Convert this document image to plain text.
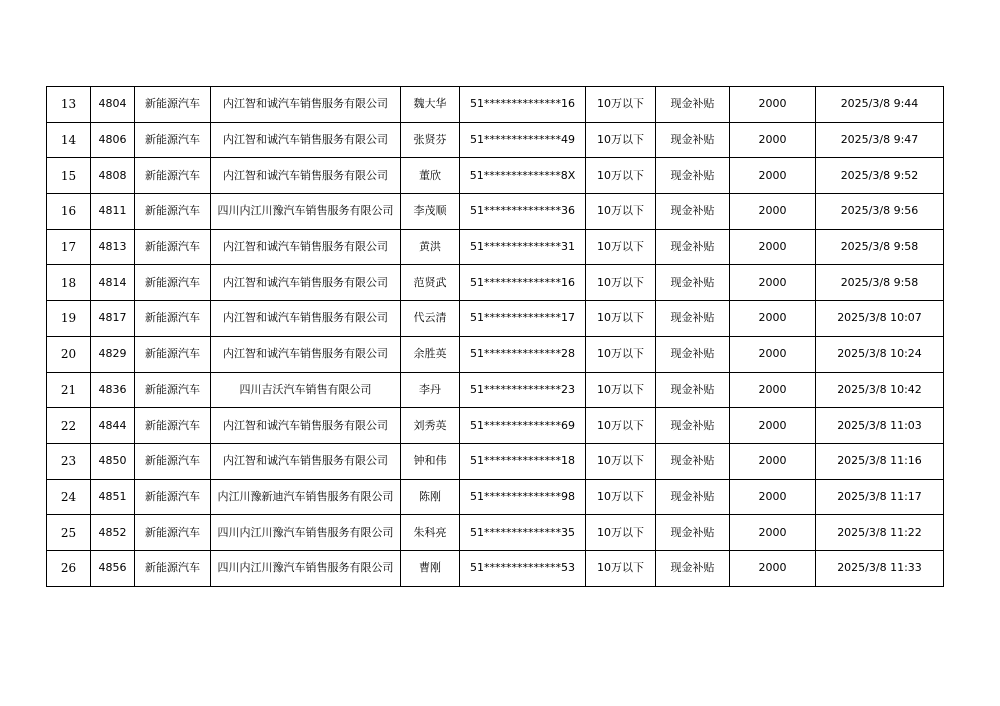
13	4804	新能源汽车	内江智和诚汽车销售服务有限公司	魏大华	51**************16	10万以下	现金补贴	2000	2025/3/8 9:44
14	4806	新能源汽车	内江智和诚汽车销售服务有限公司	张贤芬	51**************49	10万以下	现金补贴	2000	2025/3/8 9:47
15	4808	新能源汽车	内江智和诚汽车销售服务有限公司	董欣	51**************8X	10万以下	现金补贴	2000	2025/3/8 9:52
16	4811	新能源汽车	四川内江川豫汽车销售服务有限公司	李茂顺	51**************36	10万以下	现金补贴	2000	2025/3/8 9:56
17	4813	新能源汽车	内江智和诚汽车销售服务有限公司	黄洪	51**************31	10万以下	现金补贴	2000	2025/3/8 9:58
18	4814	新能源汽车	内江智和诚汽车销售服务有限公司	范贤武	51**************16	10万以下	现金补贴	2000	2025/3/8 9:58
19	4817	新能源汽车	内江智和诚汽车销售服务有限公司	代云清	51**************17	10万以下	现金补贴	2000	2025/3/8 10:07
20	4829	新能源汽车	内江智和诚汽车销售服务有限公司	余胜英	51**************28	10万以下	现金补贴	2000	2025/3/8 10:24
21	4836	新能源汽车	四川吉沃汽车销售有限公司	李丹	51**************23	10万以下	现金补贴	2000	2025/3/8 10:42
22	4844	新能源汽车	内江智和诚汽车销售服务有限公司	刘秀英	51**************69	10万以下	现金补贴	2000	2025/3/8 11:03
23	4850	新能源汽车	内江智和诚汽车销售服务有限公司	钟和伟	51**************18	10万以下	现金补贴	2000	2025/3/8 11:16
24	4851	新能源汽车	内江川豫新迪汽车销售服务有限公司	陈刚	51**************98	10万以下	现金补贴	2000	2025/3/8 11:17
25	4852	新能源汽车	四川内江川豫汽车销售服务有限公司	朱科亮	51**************35	10万以下	现金补贴	2000	2025/3/8 11:22
26	4856	新能源汽车	四川内江川豫汽车销售服务有限公司	曹刚	51**************53	10万以下	现金补贴	2000	2025/3/8 11:33
